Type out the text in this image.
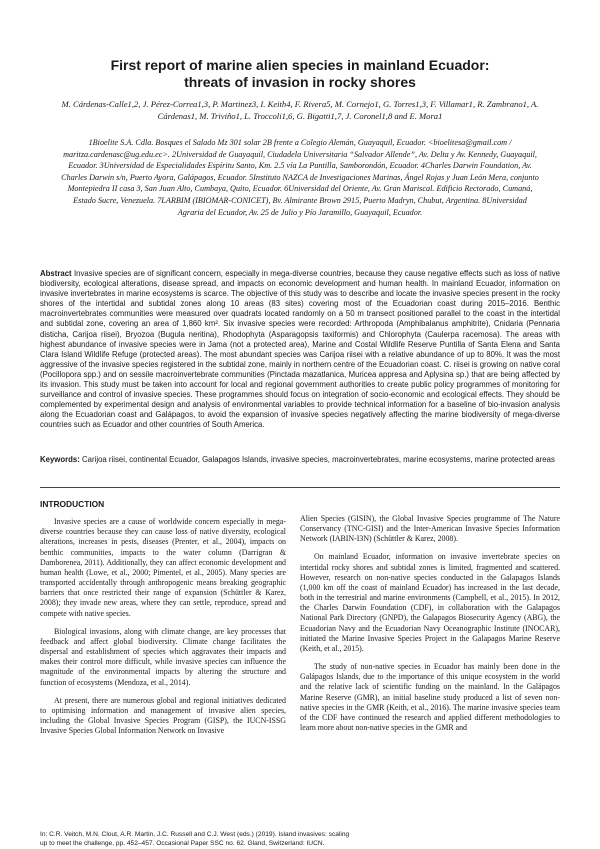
First report of marine alien species in mainland Ecuador:
threats of invasion in rocky shores
M. Cárdenas-Calle1,2, J. Pérez-Correa1,3, P. Martinez3, I. Keith4, F. Rivera5, M. Cornejo1, G. Torres1,3, F. Villamar1, R. Zambrano1, A. Cárdenas1, M. Triviño1, L. Troccoli1,6, G. Bigatti1,7, J. Coronel1,8 and E. Mora1
1Bioelite S.A. Cdla. Bosques el Salado Mz 301 solar 2B frente a Colegio Alemán, Guayaquil, Ecuador. <bioelitesa@gmail.com / maritza.cardenasc@ug.edu.ec>. 2Universidad de Guayaquil, Ciudadela Universitaria “Salvador Allende”, Av. Delta y Av. Kennedy, Guayaquil, Ecuador. 3Universidad de Especialidades Espíritu Santo, Km. 2.5 vía La Puntilla, Samborondón, Ecuador. 4Charles Darwin Foundation, Av. Charles Darwin s/n, Puerto Ayora, Galápagos, Ecuador. 5Instituto NAZCA de Investigaciones Marinas, Ángel Rojas y Juan León Mera, conjunto Montepiedra II casa 3, San Juan Alto, Cumbaya, Quito, Ecuador. 6Universidad del Oriente, Av. Gran Mariscal. Edificio Rectorado, Cumaná, Estado Sucre, Venezuela. 7LARBIM (IBIOMAR-CONICET), Bv. Almirante Brown 2915, Puerto Madryn, Chubut, Argentina. 8Universidad Agraria del Ecuador, Av. 25 de Julio y Pío Jaramillo, Guayaquil, Ecuador.

Abstract Invasive species are of significant concern, especially in mega-diverse countries, because they cause negative effects such as loss of native biodiversity, ecological alterations, disease spread, and impacts on economic development and human health. In mainland Ecuador, information on invasive invertebrates in marine ecosystems is scarce. The objective of this study was to describe and locate the invasive species present in the rocky shores of the intertidal and subtidal zones along 10 areas (83 sites) covering most of the Ecuadorian coast during 2015–2016. Benthic macroinvertebrates communities were measured over quadrats located randomly on a 50 m transect positioned parallel to the coast in the intertidal and subtidal zone, covering an area of 1,860 km². Six invasive species were recorded: Arthropoda (Amphibalanus amphitrite), Cnidaria (Pennaria disticha, Carijoa riisei), Bryozoa (Bugula neritina), Rhodophyta (Asparagopsis taxiformis) and Chlorophyta (Caulerpa racemosa). The areas with highest abundance of invasive species were in Jama (not a protected area), Marine and Costal Wildlife Reserve Puntilla of Santa Elena and Santa Clara Island Wildlife Refuge (protected areas). The most abundant species was Carijoa riisei with a relative abundance of up to 80%. It was the most aggressive of the invasive species registered in the subtidal zone, mainly in northern centre of the Ecuadorian coast. C. riisei is growing on native coral (Pocillopora spp.) and on sessile macroinvertebrate communities (Pinctada mazatlanica, Muricea appresa and Aplysina sp.) that are being affected by its invasion. This study must be taken into account for local and regional government authorities to create public policy programmes of monitoring for surveillance and control of invasive species. These programmes should focus on integration of socio-economic and ecological effects. They should be complemented by experimental design and analysis of environmental variables to provide technical information for a baseline of bio-invasion analysis along the Ecuadorian coast and Galápagos, to avoid the expansion of invasive species negatively affecting the marine biodiversity of mega-diverse countries such as Ecuador and other countries of South America.

Keywords: Carijoa riisei, continental Ecuador, Galapagos Islands, invasive species, macroinvertebrates, marine ecosystems, marine protected areas

INTRODUCTION

Invasive species are a cause of worldwide concern especially in mega-diverse countries because they can cause loss of native diversity, ecological alterations, increases in pests, diseases (Prenter, et al., 2004), impacts on benthic communities, impacts to the water column (Darrigran & Damborenea, 2011). Additionally, they can affect economic development and human health (Lowe, et al., 2000; Pimentel, et al., 2005). Many species are transported accidentally through anthropogenic means breaking geographic barriers that once restricted their range of expansion (Schüttler & Karez, 2008); they invade new areas, where they can settle, reproduce, spread and compete with native species.

Biological invasions, along with climate change, are key processes that feedback and affect global biodiversity. Climate change facilitates the dispersal and establishment of species which aggravates their impacts and makes their control more difficult, while invasive species can influence the magnitude of the environmental impacts by altering the structure and function of ecosystems (Mendoza, et al., 2014).

At present, there are numerous global and regional initiatives dedicated to optimising information and management of invasive alien species, including the Global Invasive Species Program (GISP), the IUCN-ISSG Invasive Species Global Information Network on Invasive

Alien Species (GISIN), the Global Invasive Species programme of The Nature Conservancy (TNC-GISI) and the Inter-American Invasive Species Information Network (IABIN-I3N) (Schüttler & Karez, 2008).

On mainland Ecuador, information on invasive invertebrate species on intertidal rocky shores and subtidal zones is limited, fragmented and scattered. However, research on non-native species conducted in the Galapagos Islands (1,000 km off the coast of mainland Ecuador) has increased in the last decade, both in the terrestrial and marine environments (Campbell, et al., 2015). In 2012, the Charles Darwin Foundation (CDF), in collaboration with the Galapagos National Park Directory (GNPD), the Galapagos Biosecurity Agency (ABG), the Ecuadorian Navy and the Ecuadorian Navy Oceanographic Institute (INOCAR), initiated the Marine Invasive Species Project in the Galapagos Marine Reserve (Keith, et al., 2015).

The study of non-native species in Ecuador has mainly been done in the Galápagos Islands, due to the importance of this unique ecosystem in the world and the relative lack of scientific funding on the mainland. In the Galápagos Marine Reserve (GMR), an initial baseline study produced a list of seven non-native species in the GMR (Keith, et al., 2016). The marine invasive species team of the CDF have continued the research and applied different methodologies to learn more about non-native species in the GMR and

In: C.R. Veitch, M.N. Clout, A.R. Martin, J.C. Russell and C.J. West (eds.) (2019). Island invasives: scaling
up to meet the challenge, pp. 452–457. Occasional Paper SSC no. 62. Gland, Switzerland: IUCN.
